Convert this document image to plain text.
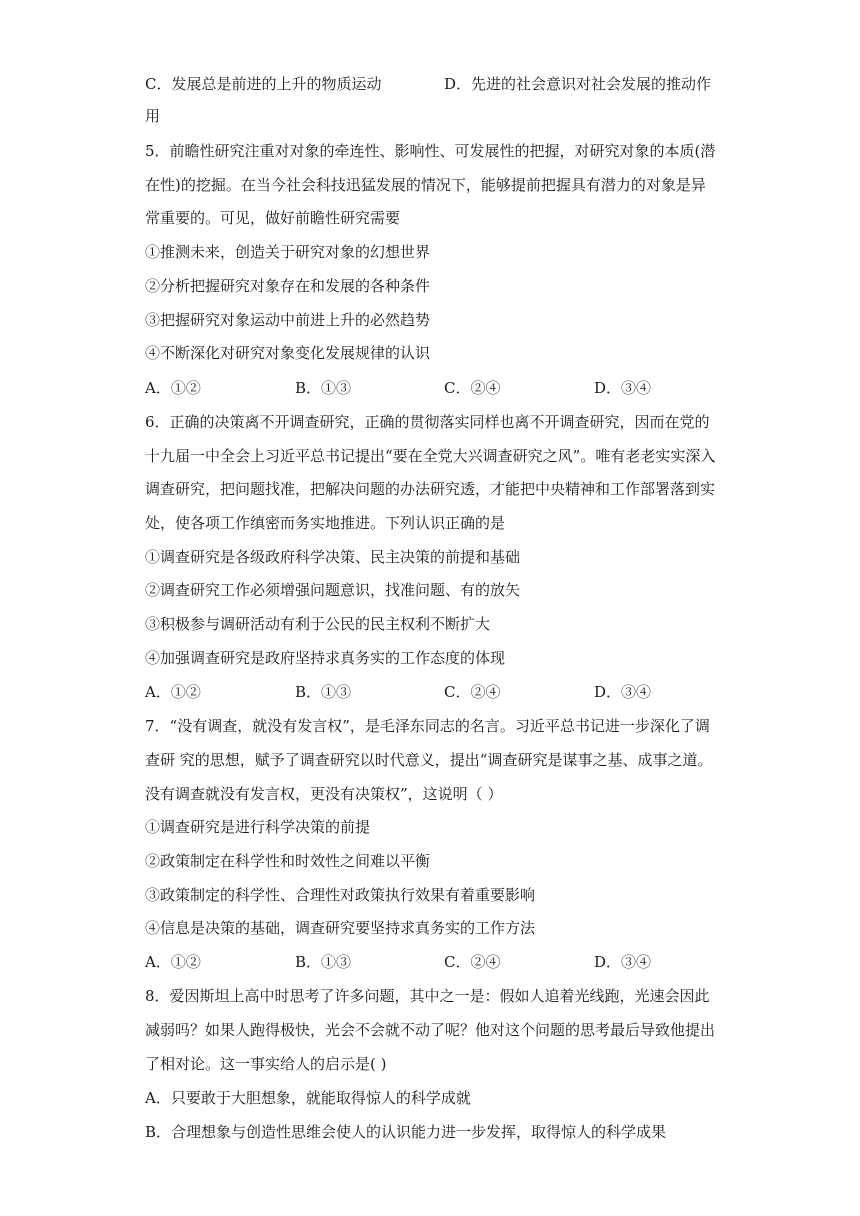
C．发展总是前进的上升的物质运动	D．先进的社会意识对社会发展的推动作
用
5．前瞻性研究注重对对象的牵连性、影响性、可发展性的把握，对研究对象的本质(潜
在性)的挖掘。在当今社会科技迅猛发展的情况下，能够提前把握具有潜力的对象是异
常重要的。可见，做好前瞻性研究需要
①推测未来，创造关于研究对象的幻想世界
②分析把握研究对象存在和发展的各种条件
③把握研究对象运动中前进上升的必然趋势
④不断深化对研究对象变化发展规律的认识
A．①②	B．①③	C．②④	D．③④
6．正确的决策离不开调查研究，正确的贯彻落实同样也离不开调查研究，因而在党的
十九届一中全会上习近平总书记提出“要在全党大兴调查研究之风”。唯有老老实实深入
调查研究，把问题找准，把解决问题的办法研究透，才能把中央精神和工作部署落到实
处，使各项工作缜密而务实地推进。下列认识正确的是
①调查研究是各级政府科学决策、民主决策的前提和基础
②调查研究工作必须增强问题意识，找准问题、有的放矢
③积极参与调研活动有利于公民的民主权利不断扩大
④加强调查研究是政府坚持求真务实的工作态度的体现
A．①②	B．①③	C．②④	D．③④
7．“没有调查，就没有发言权”，是毛泽东同志的名言。习近平总书记进一步深化了调
查研 究的思想，赋予了调查研究以时代意义，提出“调查研究是谋事之基、成事之道。
没有调查就没有发言权，更没有决策权”，这说明（ ）
①调查研究是进行科学决策的前提
②政策制定在科学性和时效性之间难以平衡
③政策制定的科学性、合理性对政策执行效果有着重要影响
④信息是决策的基础，调查研究要坚持求真务实的工作方法
A．①②	B．①③	C．②④	D．③④
8．爱因斯坦上高中时思考了许多问题，其中之一是：假如人追着光线跑，光速会因此
减弱吗？如果人跑得极快，光会不会就不动了呢？他对这个问题的思考最后导致他提出
了相对论。这一事实给人的启示是( )
A．只要敢于大胆想象，就能取得惊人的科学成就
B．合理想象与创造性思维会使人的认识能力进一步发挥，取得惊人的科学成果
